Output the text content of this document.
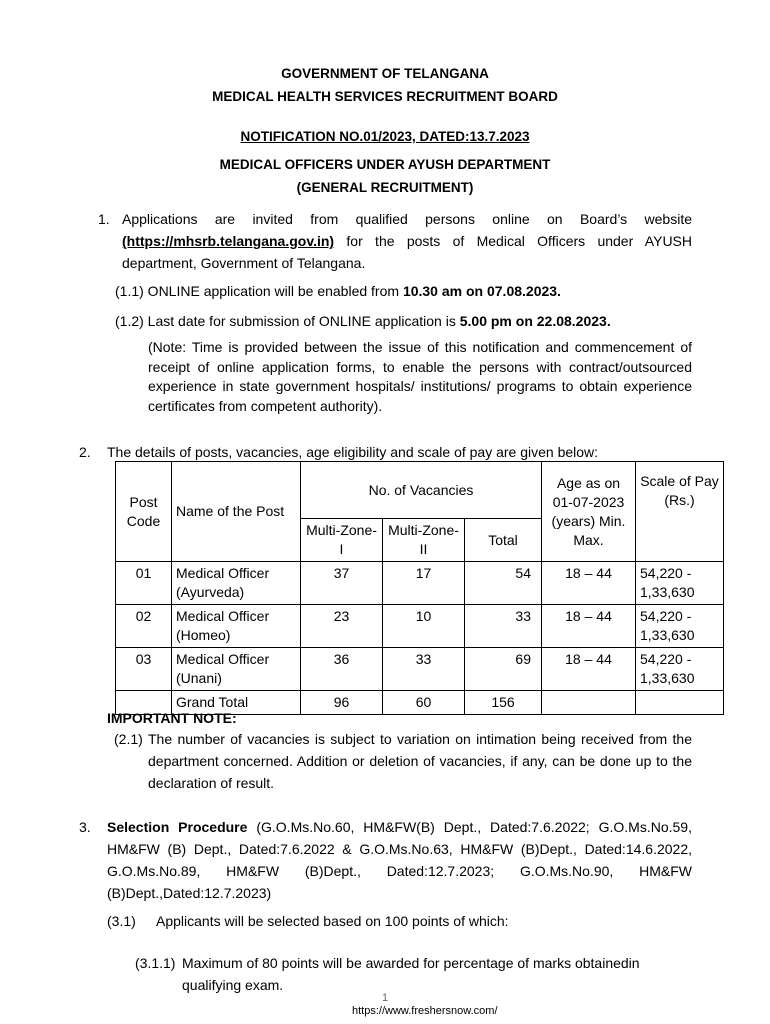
GOVERNMENT OF TELANGANA
MEDICAL HEALTH SERVICES RECRUITMENT BOARD
NOTIFICATION NO.01/2023, DATED:13.7.2023
MEDICAL OFFICERS UNDER AYUSH DEPARTMENT
(GENERAL RECRUITMENT)
1. Applications are invited from qualified persons online on Board’s website (https://mhsrb.telangana.gov.in) for the posts of Medical Officers under AYUSH department, Government of Telangana.
(1.1) ONLINE application will be enabled from 10.30 am on 07.08.2023.
(1.2) Last date for submission of ONLINE application is 5.00 pm on 22.08.2023.
(Note: Time is provided between the issue of this notification and commencement of receipt of online application forms, to enable the persons with contract/outsourced experience in state government hospitals/ institutions/ programs to obtain experience certificates from competent authority).
2. The details of posts, vacancies, age eligibility and scale of pay are given below:
Post Code	Name of the Post	No. of Vacancies			Age as on 01-07-2023 (years) Min. Max.	Scale of Pay (Rs.)
		Multi-Zone-I	Multi-Zone-II	Total		
01	Medical Officer (Ayurveda)	37	17	54	18 – 44	54,220 - 1,33,630
02	Medical Officer (Homeo)	23	10	33	18 – 44	54,220 - 1,33,630
03	Medical Officer (Unani)	36	33	69	18 – 44	54,220 - 1,33,630
	Grand Total	96	60	156		
IMPORTANT NOTE:
(2.1) The number of vacancies is subject to variation on intimation being received from the department concerned. Addition or deletion of vacancies, if any, can be done up to the declaration of result.
3. Selection Procedure (G.O.Ms.No.60, HM&FW(B) Dept., Dated:7.6.2022; G.O.Ms.No.59, HM&FW (B) Dept., Dated:7.6.2022 & G.O.Ms.No.63, HM&FW (B)Dept., Dated:14.6.2022, G.O.Ms.No.89, HM&FW (B)Dept., Dated:12.7.2023; G.O.Ms.No.90, HM&FW (B)Dept.,Dated:12.7.2023)
(3.1) Applicants will be selected based on 100 points of which:
(3.1.1) Maximum of 80 points will be awarded for percentage of marks obtainedin qualifying exam.
1
https://www.freshersnow.com/
